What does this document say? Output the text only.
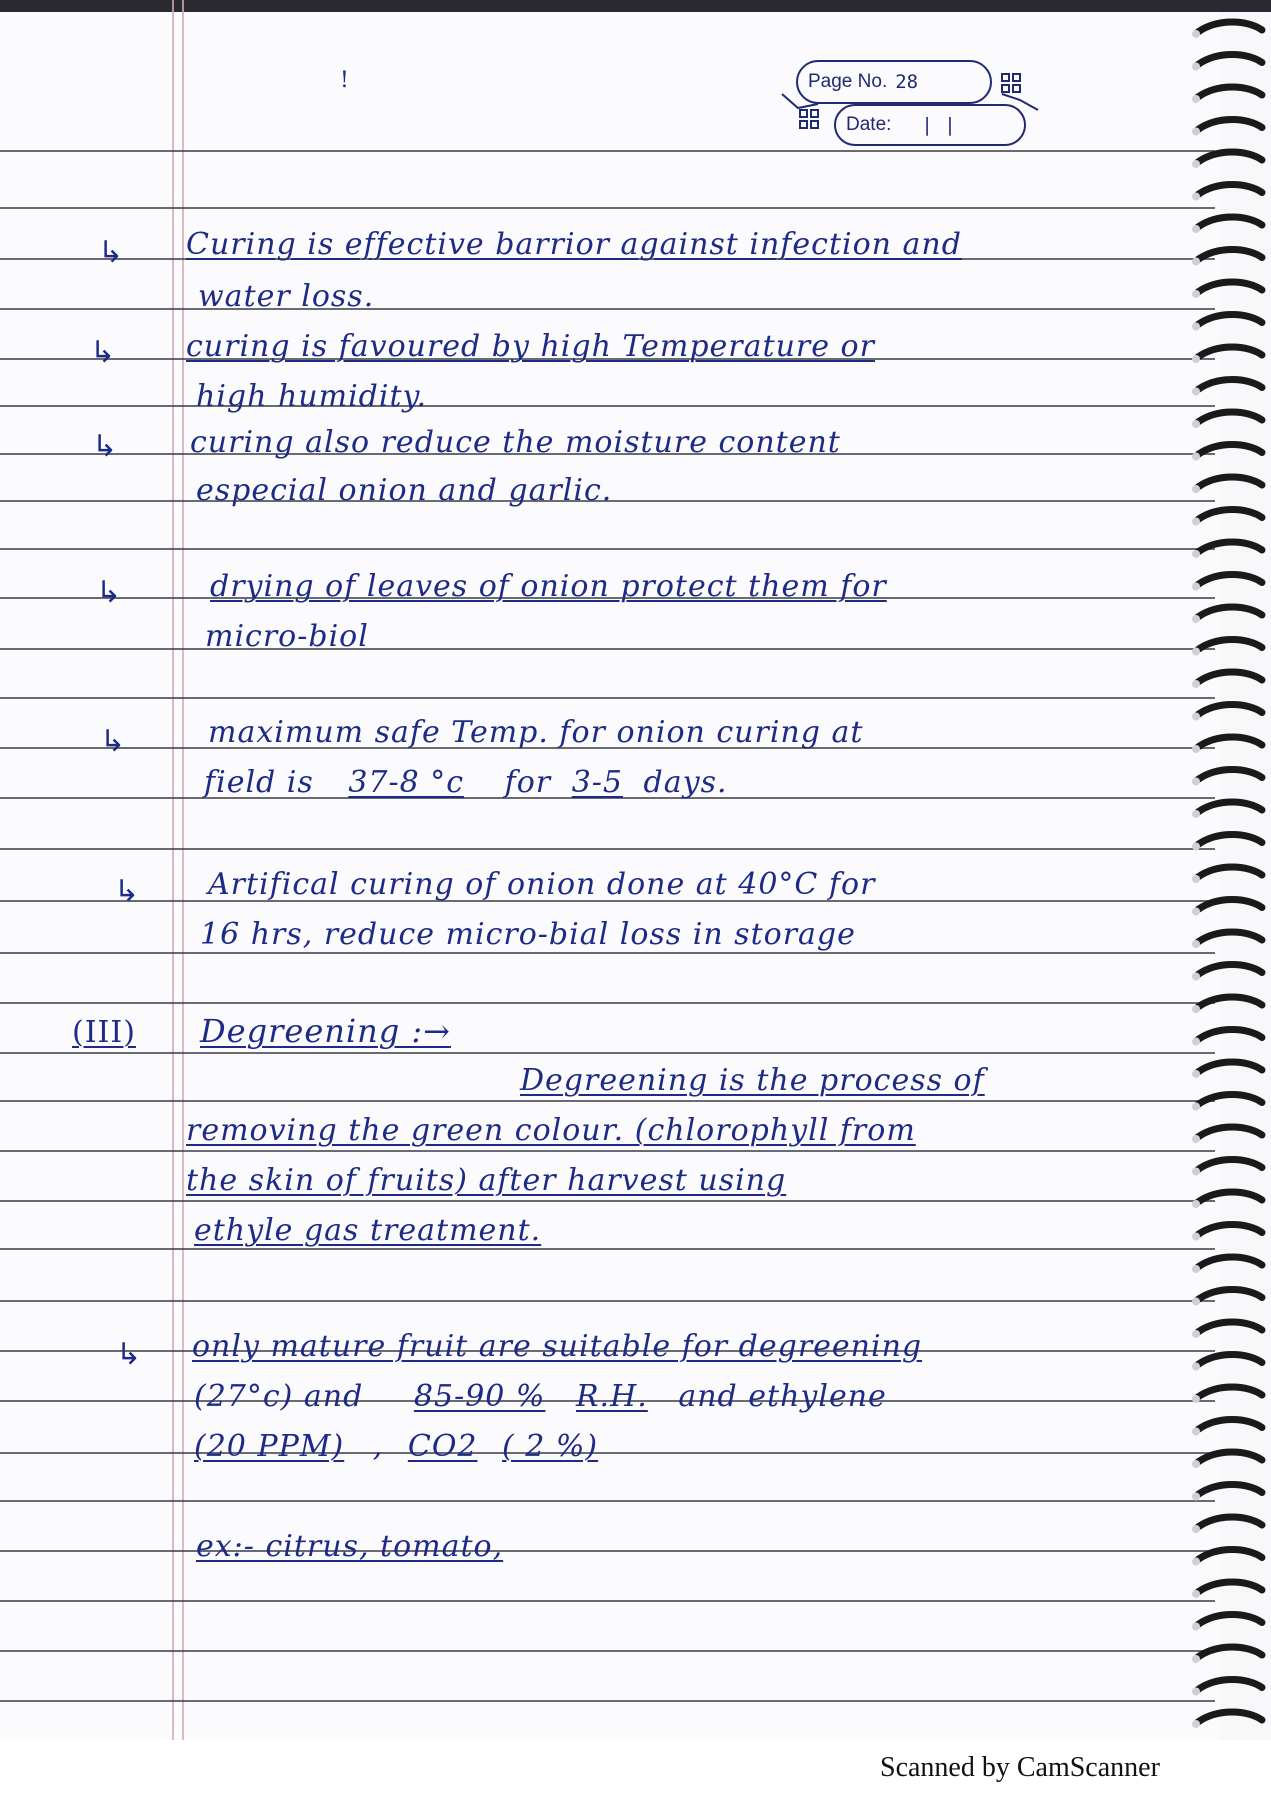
Page No. 28
Date: | |
!
↳
↳
↳
↳
↳
↳
↳
Curing is effective barrior against infection and
water loss.
curing is favoured by high Temperature or
high humidity.
curing also reduce the moisture content
especial onion and garlic.
drying of leaves of onion protect them for
micro-biol
maximum safe Temp. for onion curing at
field is 37-8 °c for 3-5 days.
Artifical curing of onion done at 40°C for
16 hrs, reduce micro-bial loss in storage
(III) Degreening :→
Degreening is the process of
removing the green colour. (chlorophyll from
the skin of fruits) after harvest using
ethyle gas treatment.
only mature fruit are suitable for degreening
(27°c) and 85-90 % R.H. and ethylene
(20 PPM) , CO2 ( 2 %)
ex:- citrus, tomato,
Scanned by CamScanner
